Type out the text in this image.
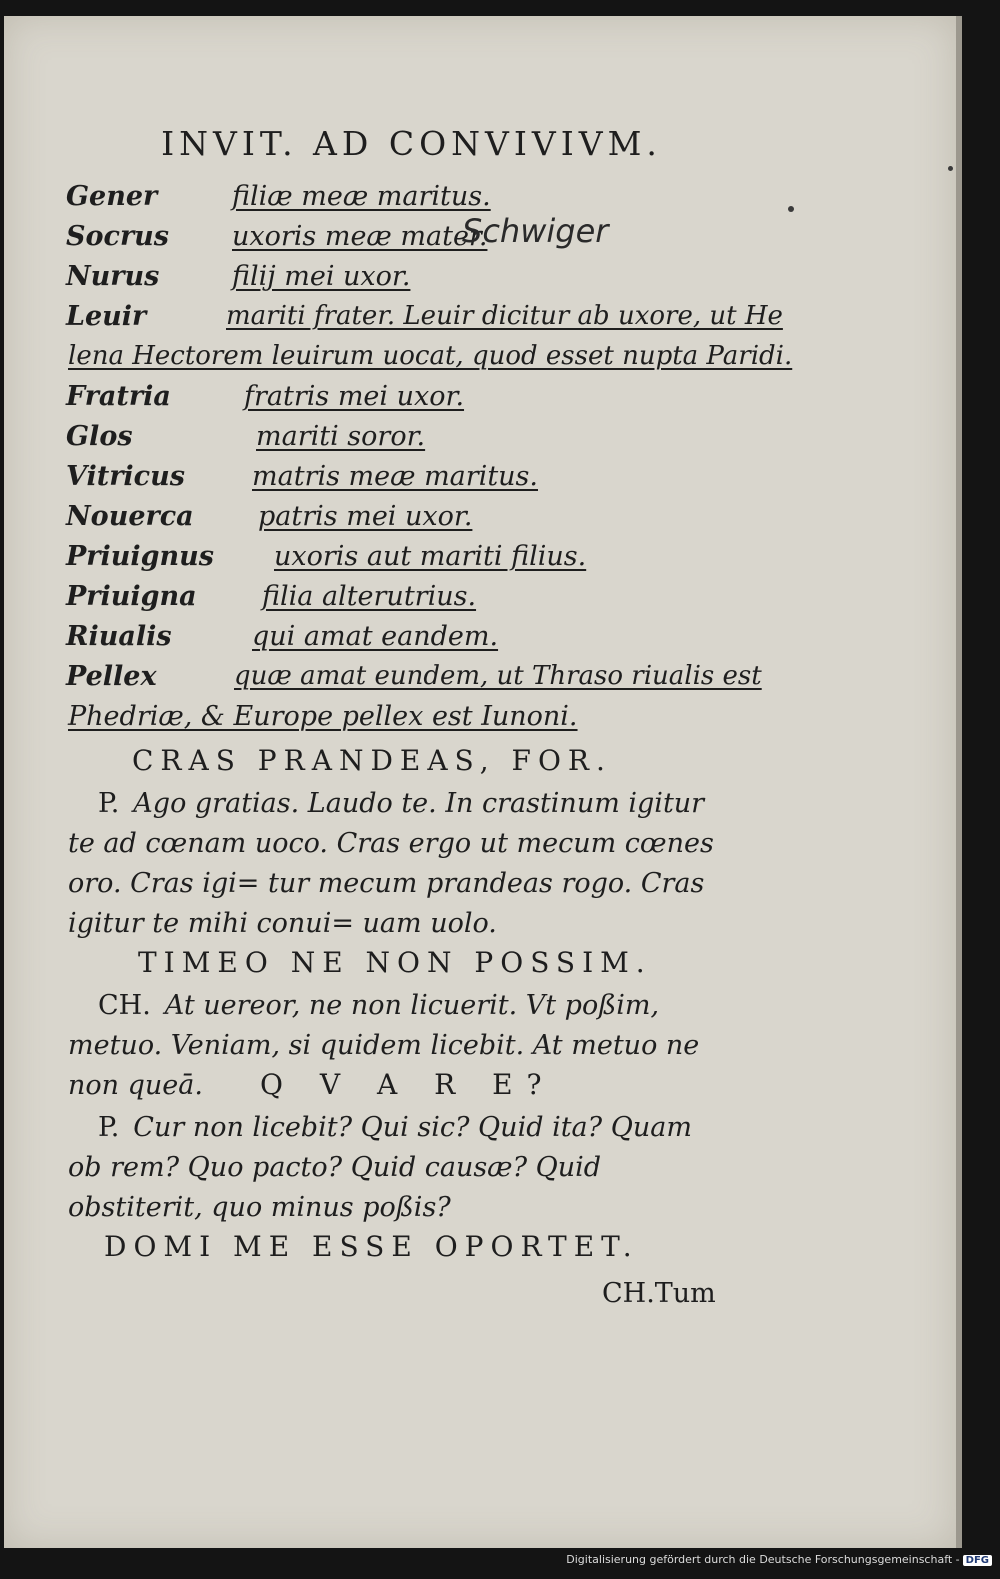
INVIT. AD CONVIVIVM.
Gener	filiæ meæ maritus.
Socrus uxoris meæ mater.
Schwiger
Nurus	filij mei uxor.
Leuir	mariti frater. Leuir dicitur ab uxore, ut He
lena Hectorem leuirum uocat, quod esset nupta Paridi.
Fratria	fratris mei uxor.
Glos	mariti soror.
Vitricus matris meæ maritus.
Nouerca patris mei uxor.
Priuignus uxoris aut mariti filius.
Priuigna filia alterutrius.
Riualis	qui amat eandem.
Pellex	quæ amat eundem, ut Thraso riualis est
Phedriæ, & Europe pellex est Iunoni.
CRAS PRANDEAS, FOR.
P. Ago gratias. Laudo te. In crastinum igitur te ad cœnam uoco. Cras ergo ut mecum cœnes oro. Cras igi= tur mecum prandeas rogo. Cras igitur te mihi conui= uam uolo.
TIMEO NE NON POSSIM.
CH. At uereor, ne non licuerit. Vt poßim, metuo. Veniam, si quidem licebit. At metuo ne non queā.	Q V A R E?
P. Cur non licebit? Qui sic? Quid ita? Quam ob rem? Quo pacto? Quid causæ? Quid obstiterit, quo minus poßis?
DOMI ME ESSE OPORTET.
CH.Tum
Digitalisierung gefördert durch die Deutsche Forschungsgemeinschaft - DFG
